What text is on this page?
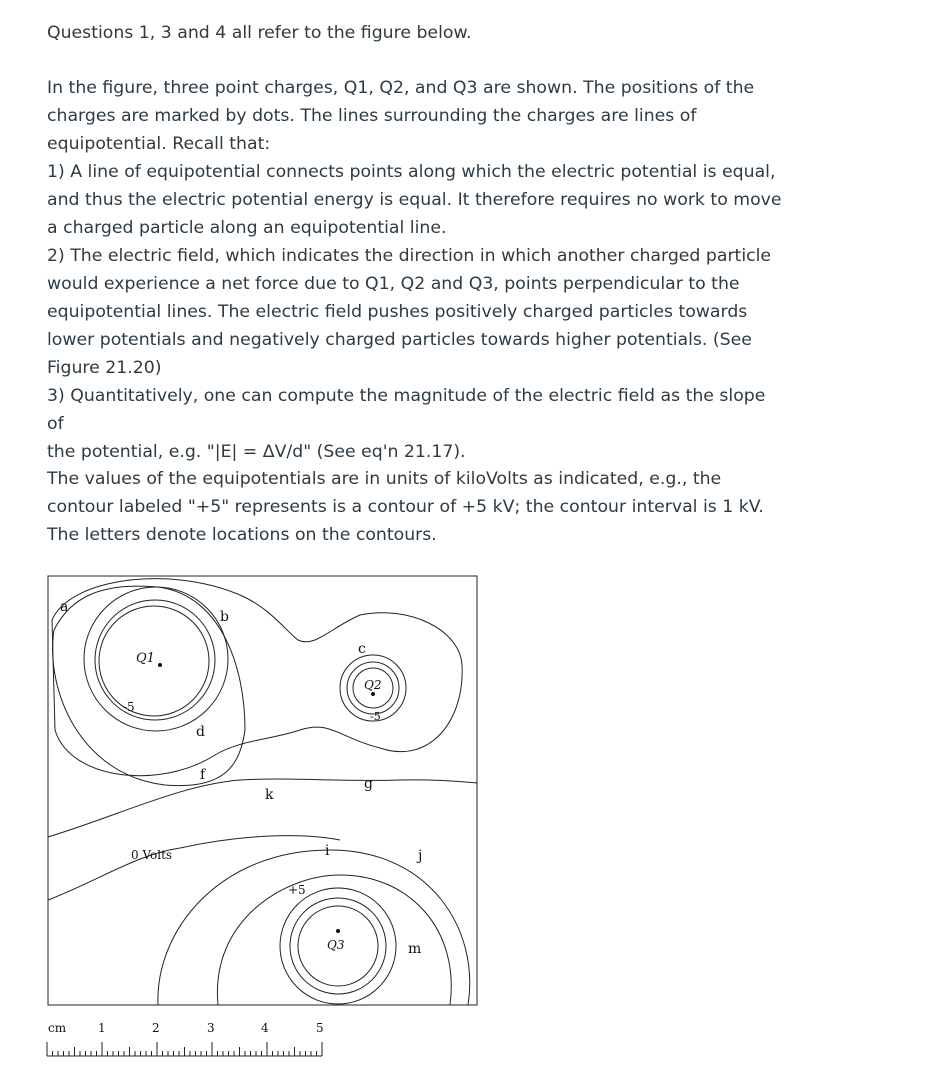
Questions 1, 3 and 4 all refer to the figure below.

In the figure, three point charges, Q1, Q2, and Q3 are shown. The positions of the

charges are marked by dots. The lines surrounding the charges are lines of

equipotential. Recall that:

1) A line of equipotential connects points along which the electric potential is equal,

and thus the electric potential energy is equal. It therefore requires no work to move

a charged particle along an equipotential line.

2) The electric field, which indicates the direction in which another charged particle

would experience a net force due to Q1, Q2 and Q3, points perpendicular to the

equipotential lines. The electric field pushes positively charged particles towards

lower potentials and negatively charged particles towards higher potentials. (See

Figure 21.20)

3) Quantitatively, one can compute the magnitude of the electric field as the slope of

the potential, e.g. "|E| = ΔV/d" (See eq'n 21.17).

The values of the equipotentials are in units of kiloVolts as indicated, e.g., the

contour labeled "+5" represents is a contour of +5 kV; the contour interval is 1 kV.

The letters denote locations on the contours.

Q1
Q2
Q3
-5
-5
0 Volts
+5
a
b
c
d
f
g
i	j
k
m
cm	1	2	3	4	5
